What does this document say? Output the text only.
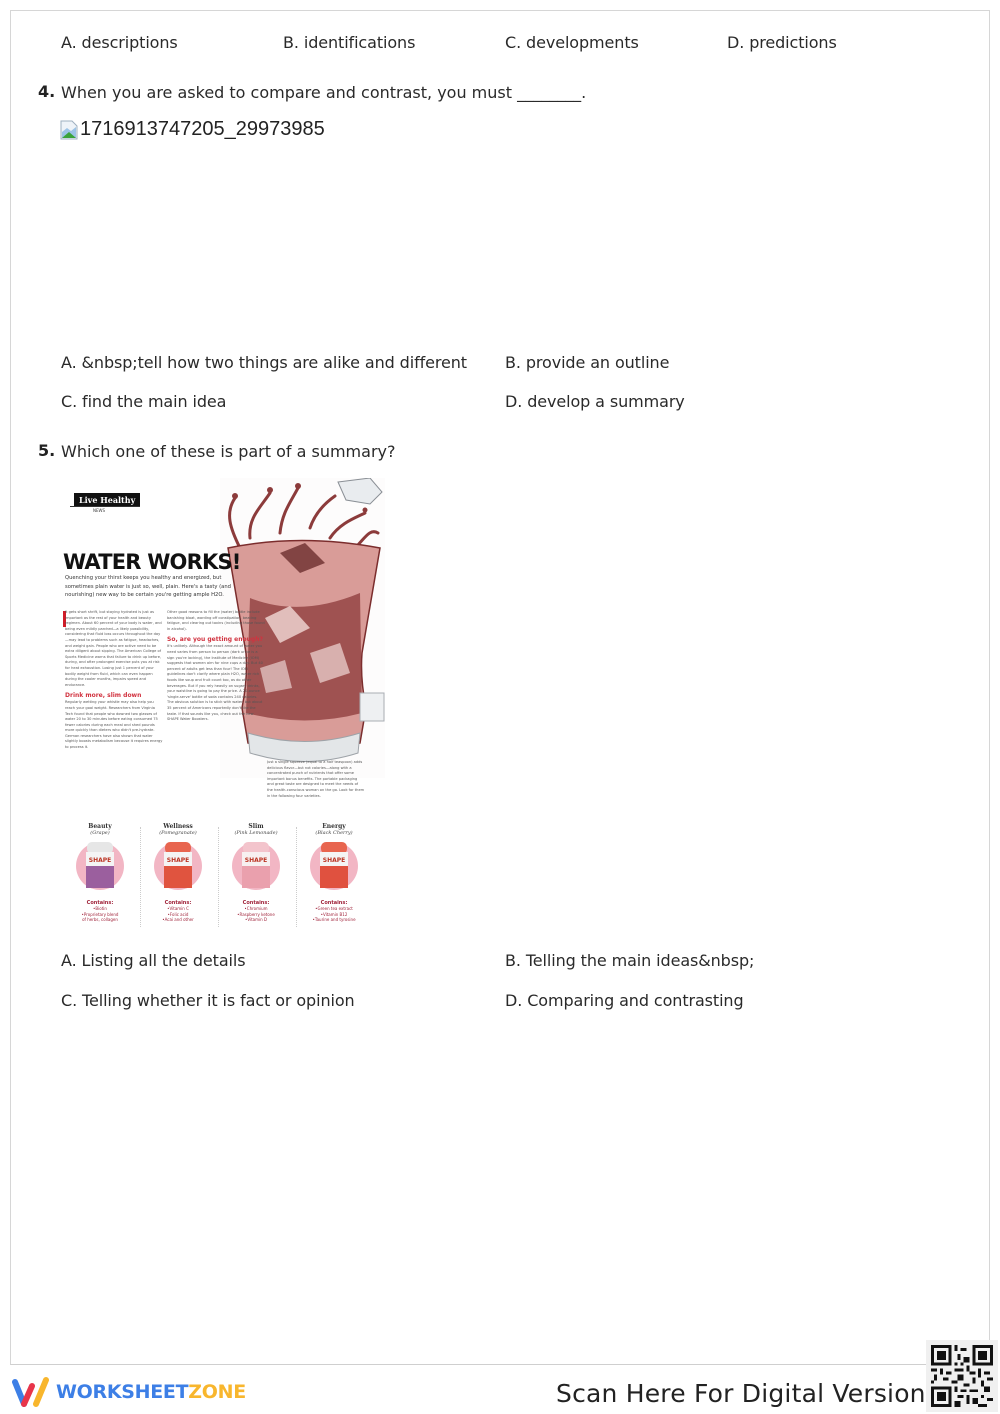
A. descriptions	B. identifications	C. developments	D. predictions
4. When you are asked to compare and contrast, you must ________.
1716913747205_29973985
A. &nbsp;tell how two things are alike and different B. provide an outline
C. find the main idea	D. develop a summary
5. Which one of these is part of a summary?
Live Healthy
NEWS
WATER WORKS!
Quenching your thirst keeps you healthy and energized, but sometimes plain water is just so, well, plain. Here's a tasty (and nourishing) new way to be certain you're getting ample H2O.
It gets short shrift, but staying hydrated is just as important as the rest of your health and beauty regimen. About 60 percent of your body is water, and being even mildly parched—a likely possibility, considering that fluid loss occurs throughout the day—may lead to problems such as fatigue, headaches, and weight gain. People who are active need to be extra diligent about sipping. The American College of Sports Medicine warns that failure to drink up before, during, and after prolonged exercise puts you at risk for heat exhaustion. Losing just 1 percent of your bodily weight from fluid, which can even happen during the cooler months, impairs speed and endurance.
Drink more, slim down
Regularly wetting your whistle may also help you reach your goal weight. Researchers from Virginia Tech found that people who downed two glasses of water 20 to 30 minutes before eating consumed 75 fewer calories during each meal and shed pounds more quickly than dieters who didn't pre-hydrate. German researchers have also shown that water slightly boosts metabolism because it requires energy to process it.
Other good reasons to fill the (water) bottle include banishing bloat, warding off constipation, beating fatigue, and clearing out toxins (including those found in alcohol).
So, are you getting enough?
It's unlikely. Although the exact amount of water you need varies from person to person (dark urine is a sign you're lacking), the Institute of Medicine (IOM) suggests that women aim for nine cups a day. But 40 percent of adults get less than four! The IOM guidelines don't clarify where plain H2O, water rich foods like soup and fruit count too, as do other beverages. But if you rely heavily on sugary drinks, your waistline is going to pay the price. A 20-ounce 'single-serve' bottle of soda contains 240 calories. The obvious solution is to stick with water, but about 35 percent of Americans reportedly don't like the taste. If that sounds like you, check out the new SHAPE Water Boosters.
Just a single squeeze (equal to a half teaspoon) adds delicious flavor—but not calories—along with a concentrated punch of nutrients that offer some important bonus benefits. The portable packaging and great taste are designed to meet the needs of the health-conscious woman on the go. Look for them in the following four varieties.
Beauty
(Grape)
SHAPE
Contains:
•Biotin
•Proprietary blend
of herbs, collagen
Wellness
(Pomegranate)
SHAPE
Contains:
•Vitamin C
•Folic acid
•Acai and other
Slim
(Pink Lemonade)
SHAPE
Contains:
•Chromium
•Raspberry ketone
•Vitamin D
Energy
(Black Cherry)
SHAPE
Contains:
•Green tea extract
•Vitamin B12
•Taurine and tyrosine
A. Listing all the details	B. Telling the main ideas&nbsp;
C. Telling whether it is fact or opinion	D. Comparing and contrasting
WORKSHEETZONE	Scan Here For Digital Version
